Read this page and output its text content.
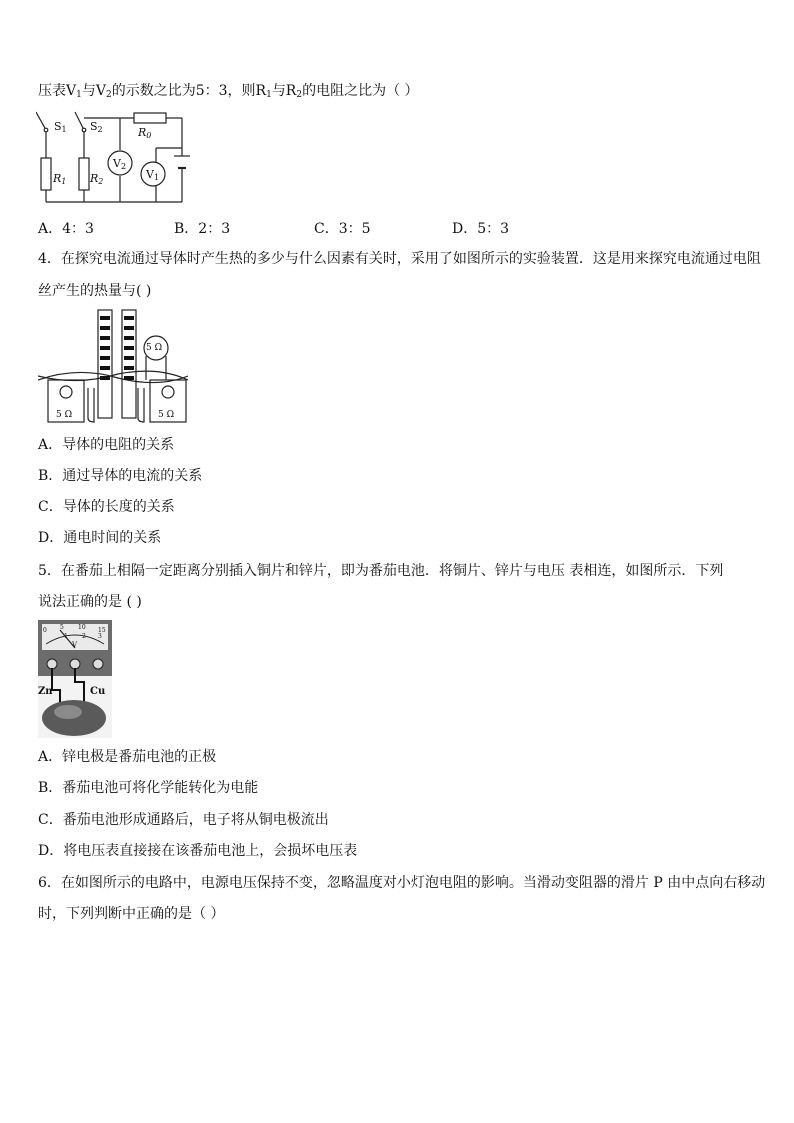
压表$V_1$与$V_2$的示数之比为5：3，则$R_1$与$R_2$的电阻之比为（ ）
S1 S2	R0
R1 R2
V2
V1
A．4：3	B．2：3	C．3：5	D．5：3
4．在探究电流通过导体时产生热的多少与什么因素有关时，采用了如图所示的实验装置．这是用来探究电流通过电阻
丝产生的热量与( )
5 Ω	5 Ω
5 Ω
A．导体的电阻的关系
B．通过导体的电流的关系
C．导体的长度的关系
D．通电时间的关系
5．在番茄上相隔一定距离分别插入铜片和锌片，即为番茄电池．将铜片、锌片与电压 表相连，如图所示．下列
说法正确的是 ( )
0 5 10 15
1 2 3
V
Zn	Cu
A．锌电极是番茄电池的正极
B．番茄电池可将化学能转化为电能
C．番茄电池形成通路后，电子将从铜电极流出
D．将电压表直接接在该番茄电池上，会损坏电压表
6．在如图所示的电路中，电源电压保持不变，忽略温度对小灯泡电阻的影响。当滑动变阻器的滑片 P 由中点向右移动
时，下列判断中正确的是（ ）
